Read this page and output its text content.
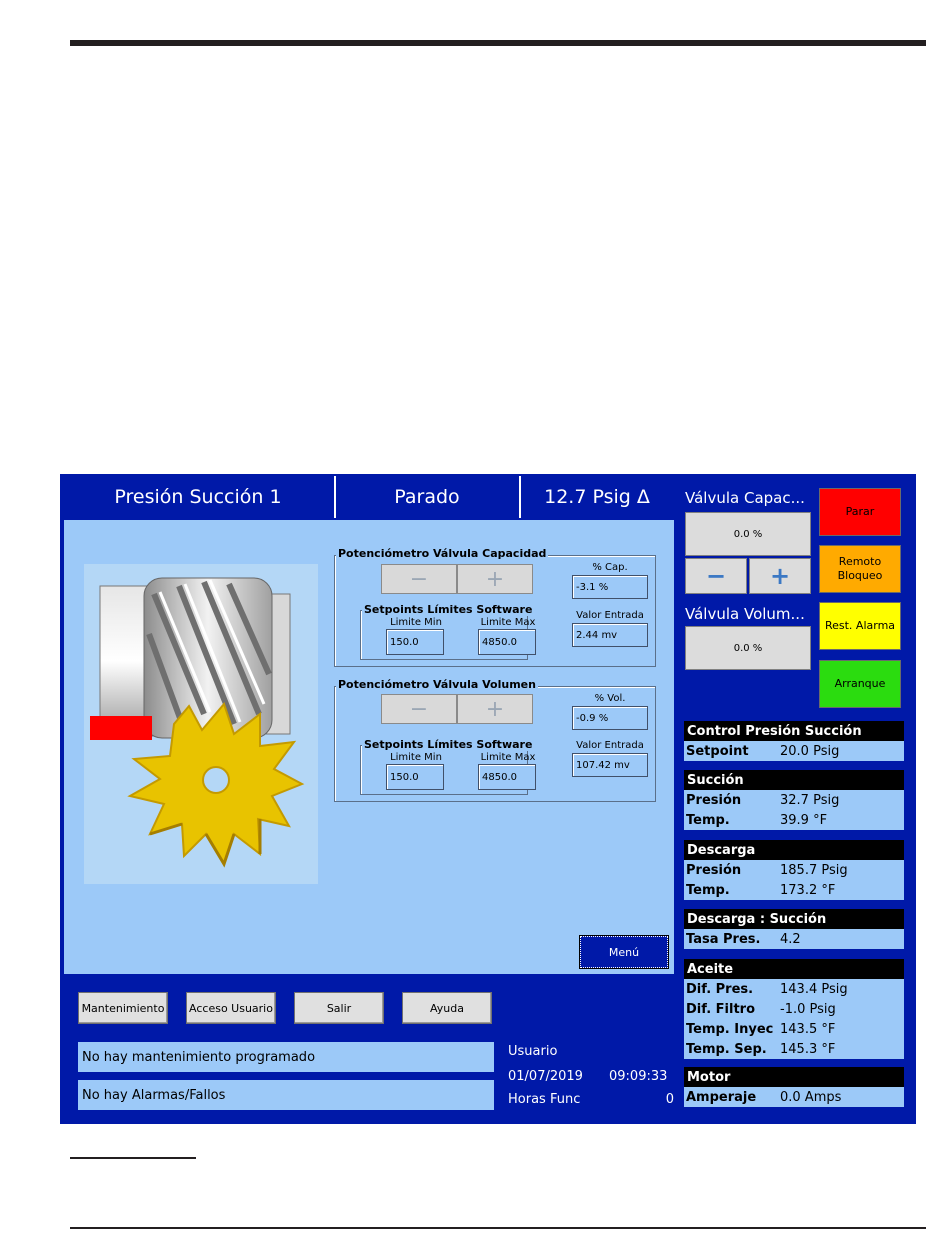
Presión Succión 1	Parado	12.7 Psig Δ
Potenciómetro Válvula Capacidad
−	+	% Cap.
-3.1 %
Valor Entrada
2.44 mv
Setpoints Límites Software
Limite Min
150.0
Limite Max
4850.0
Potenciómetro Válvula Volumen
−	+	% Vol.
-0.9 %
Valor Entrada
107.42 mv
Setpoints Límites Software
Limite Min
150.0
Limite Max
4850.0
Menú
Mantenimiento	Acceso Usuario	Salir	Ayuda
No hay mantenimiento programado
No hay Alarmas/Fallos
Usuario
01/07/2019 09:09:33
Horas Func	0
Válvula Capac...
0.0 %
−	+
Válvula Volum...
0.0 %
Parar
Remoto
Bloqueo
Rest. Alarma
Arranque
Control Presión Succión
Setpoint	20.0 Psig
Succión
Presión	32.7 Psig
Temp.	39.9 °F
Descarga
Presión	185.7 Psig
Temp.	173.2 °F
Descarga : Succión
Tasa Pres.	4.2
Aceite
Dif. Pres.	143.4 Psig
Dif. Filtro	-1.0 Psig
Temp. Inyec 143.5 °F
Temp. Sep.	145.3 °F
Motor
Amperaje	0.0 Amps
